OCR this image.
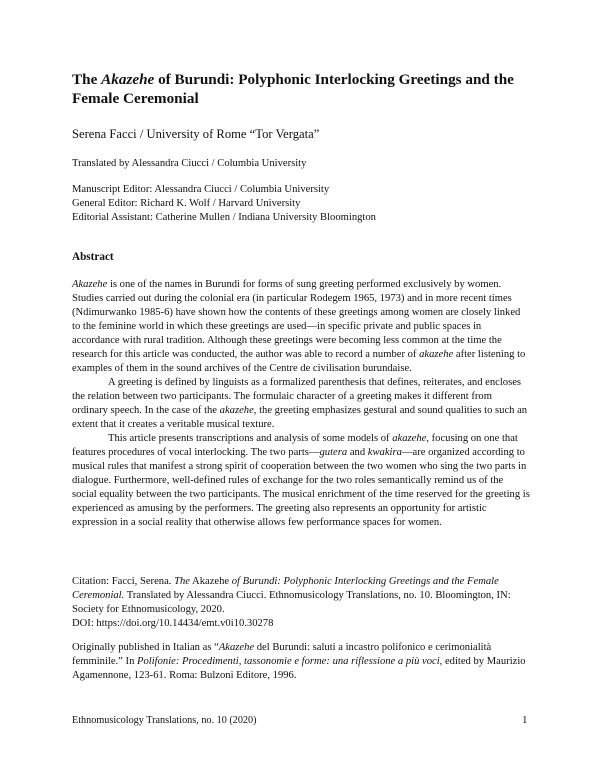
The Akazehe of Burundi: Polyphonic Interlocking Greetings and the Female Ceremonial

Serena Facci / University of Rome “Tor Vergata”

Translated by Alessandra Ciucci / Columbia University

Manuscript Editor: Alessandra Ciucci / Columbia University
General Editor: Richard K. Wolf / Harvard University
Editorial Assistant: Catherine Mullen / Indiana University Bloomington
Abstract

Akazehe is one of the names in Burundi for forms of sung greeting performed exclusively by women. Studies carried out during the colonial era (in particular Rodegem 1965, 1973) and in more recent times (Ndimurwanko 1985-6) have shown how the contents of these greetings among women are closely linked to the feminine world in which these greetings are used—in specific private and public spaces in accordance with rural tradition. Although these greetings were becoming less common at the time the research for this article was conducted, the author was able to record a number of akazehe after listening to examples of them in the sound archives of the Centre de civilisation burundaise.

A greeting is defined by linguists as a formalized parenthesis that defines, reiterates, and encloses the relation between two participants. The formulaic character of a greeting makes it different from ordinary speech. In the case of the akazehe, the greeting emphasizes gestural and sound qualities to such an extent that it creates a veritable musical texture.

This article presents transcriptions and analysis of some models of akazehe, focusing on one that features procedures of vocal interlocking. The two parts—gutera and kwakira—are organized according to musical rules that manifest a strong spirit of cooperation between the two women who sing the two parts in dialogue. Furthermore, well-defined rules of exchange for the two roles semantically remind us of the social equality between the two participants. The musical enrichment of the time reserved for the greeting is experienced as amusing by the performers. The greeting also represents an opportunity for artistic expression in a social reality that otherwise allows few performance spaces for women.

Citation: Facci, Serena. The Akazehe of Burundi: Polyphonic Interlocking Greetings and the Female Ceremonial. Translated by Alessandra Ciucci. Ethnomusicology Translations, no. 10. Bloomington, IN: Society for Ethnomusicology, 2020.
DOI: https://doi.org/10.14434/emt.v0i10.30278
Originally published in Italian as “Akazehe del Burundi: saluti a incastro polifonico e cerimonialità femminile.” In Polifonie: Procedimenti, tassonomie e forme: una riflessione a più voci, edited by Maurizio Agamennone, 123-61. Roma: Bulzoni Editore, 1996.
Ethnomusicology Translations, no. 10 (2020)	1
